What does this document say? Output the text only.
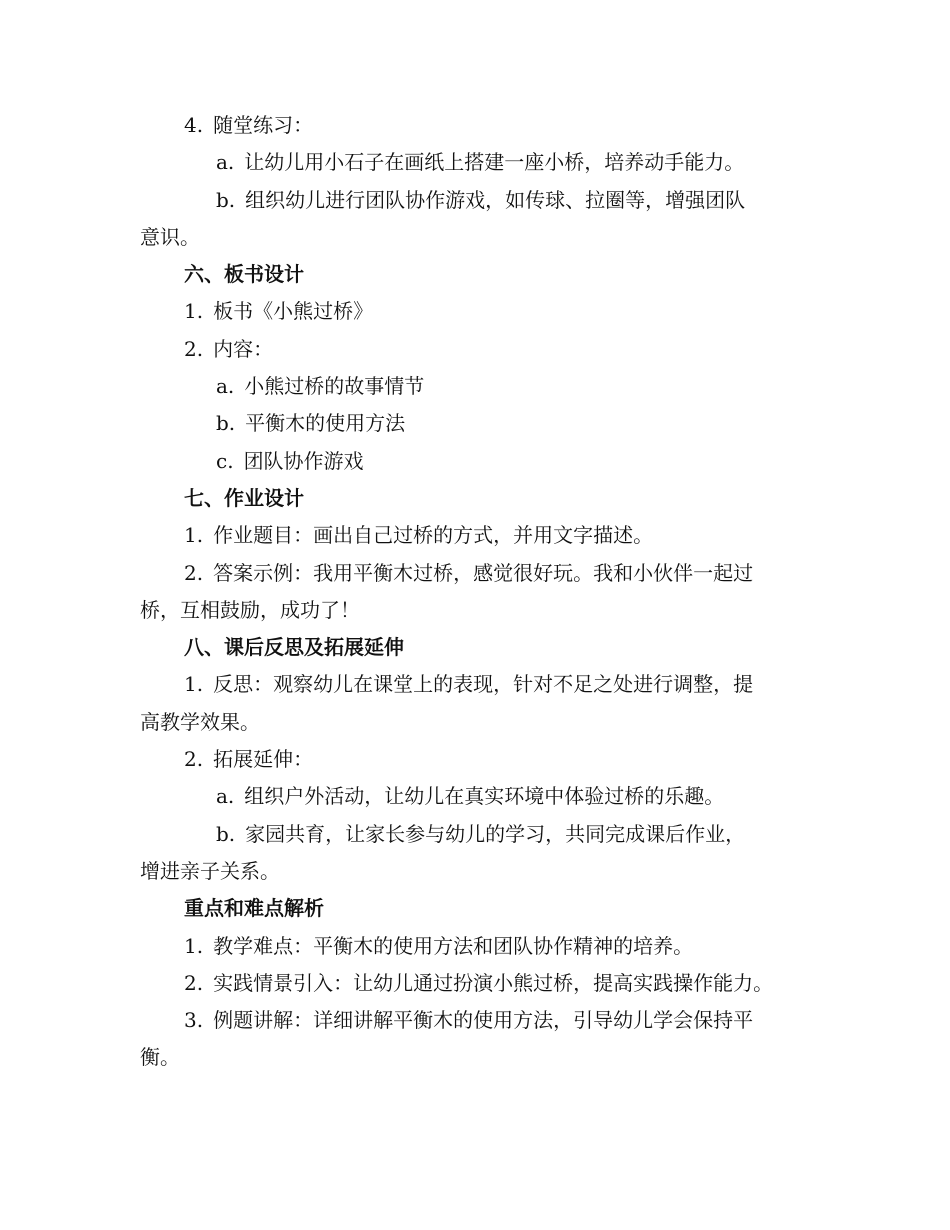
4. 随堂练习：
a. 让幼儿用小石子在画纸上搭建一座小桥，培养动手能力。
b. 组织幼儿进行团队协作游戏，如传球、拉圈等，增强团队
意识。
六、板书设计
1. 板书《小熊过桥》
2. 内容：
a. 小熊过桥的故事情节
b. 平衡木的使用方法
c. 团队协作游戏
七、作业设计
1. 作业题目：画出自己过桥的方式，并用文字描述。
2. 答案示例：我用平衡木过桥，感觉很好玩。我和小伙伴一起过
桥，互相鼓励，成功了！
八、课后反思及拓展延伸
1. 反思：观察幼儿在课堂上的表现，针对不足之处进行调整，提
高教学效果。
2. 拓展延伸：
a. 组织户外活动，让幼儿在真实环境中体验过桥的乐趣。
b. 家园共育，让家长参与幼儿的学习，共同完成课后作业，
增进亲子关系。
重点和难点解析
1. 教学难点：平衡木的使用方法和团队协作精神的培养。
2. 实践情景引入：让幼儿通过扮演小熊过桥，提高实践操作能力。
3. 例题讲解：详细讲解平衡木的使用方法，引导幼儿学会保持平
衡。
